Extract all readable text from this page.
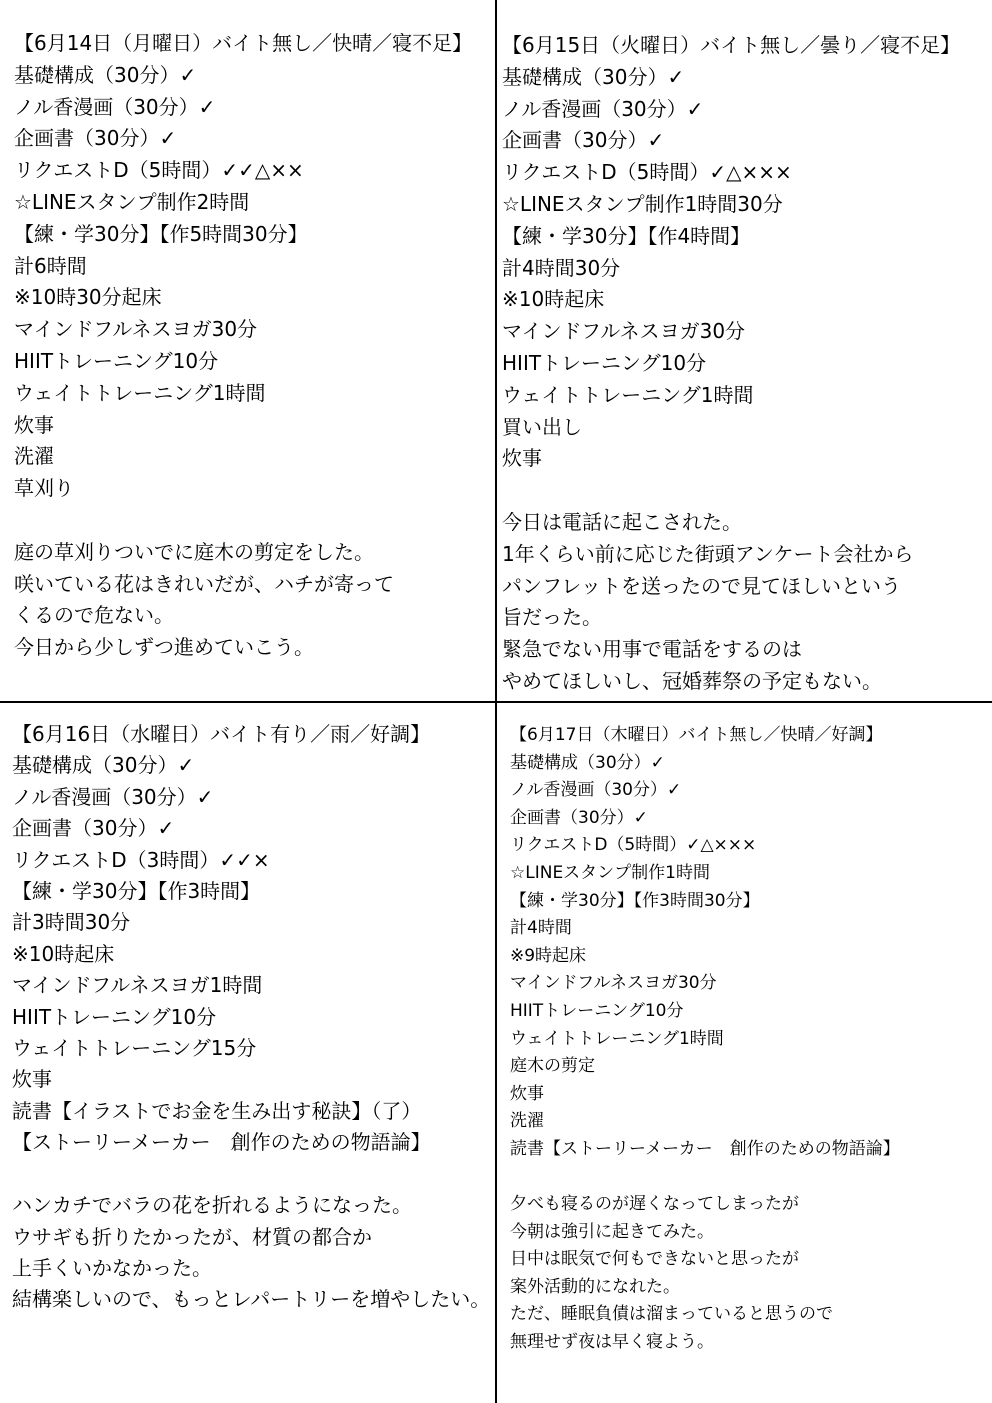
【6月14日（月曜日）バイト無し／快晴／寝不足】
基礎構成（30分）✓
ノル香漫画（30分）✓
企画書（30分）✓
リクエストD（5時間）✓✓△××
☆LINEスタンプ制作2時間
【練・学30分】【作5時間30分】
計6時間
※10時30分起床
マインドフルネスヨガ30分
HIITトレーニング10分
ウェイトトレーニング1時間
炊事
洗濯
草刈り

庭の草刈りついでに庭木の剪定をした。
咲いている花はきれいだが、ハチが寄って
くるので危ない。
今日から少しずつ進めていこう。
【6月15日（火曜日）バイト無し／曇り／寝不足】
基礎構成（30分）✓
ノル香漫画（30分）✓
企画書（30分）✓
リクエストD（5時間）✓△×××
☆LINEスタンプ制作1時間30分
【練・学30分】【作4時間】
計4時間30分
※10時起床
マインドフルネスヨガ30分
HIITトレーニング10分
ウェイトトレーニング1時間
買い出し
炊事

今日は電話に起こされた。
1年くらい前に応じた街頭アンケート会社から
パンフレットを送ったので見てほしいという
旨だった。
緊急でない用事で電話をするのは
やめてほしいし、冠婚葬祭の予定もない。
【6月16日（水曜日）バイト有り／雨／好調】
基礎構成（30分）✓
ノル香漫画（30分）✓
企画書（30分）✓
リクエストD（3時間）✓✓×
【練・学30分】【作3時間】
計3時間30分
※10時起床
マインドフルネスヨガ1時間
HIITトレーニング10分
ウェイトトレーニング15分
炊事
読書【イラストでお金を生み出す秘訣】（了）
【ストーリーメーカー　創作のための物語論】

ハンカチでバラの花を折れるようになった。
ウサギも折りたかったが、材質の都合か
上手くいかなかった。
結構楽しいので、もっとレパートリーを増やしたい。
【6月17日（木曜日）バイト無し／快晴／好調】
基礎構成（30分）✓
ノル香漫画（30分）✓
企画書（30分）✓
リクエストD（5時間）✓△×××
☆LINEスタンプ制作1時間
【練・学30分】【作3時間30分】
計4時間
※9時起床
マインドフルネスヨガ30分
HIITトレーニング10分
ウェイトトレーニング1時間
庭木の剪定
炊事
洗濯
読書【ストーリーメーカー　創作のための物語論】

夕べも寝るのが遅くなってしまったが
今朝は強引に起きてみた。
日中は眠気で何もできないと思ったが
案外活動的になれた。
ただ、睡眠負債は溜まっていると思うので
無理せず夜は早く寝よう。
